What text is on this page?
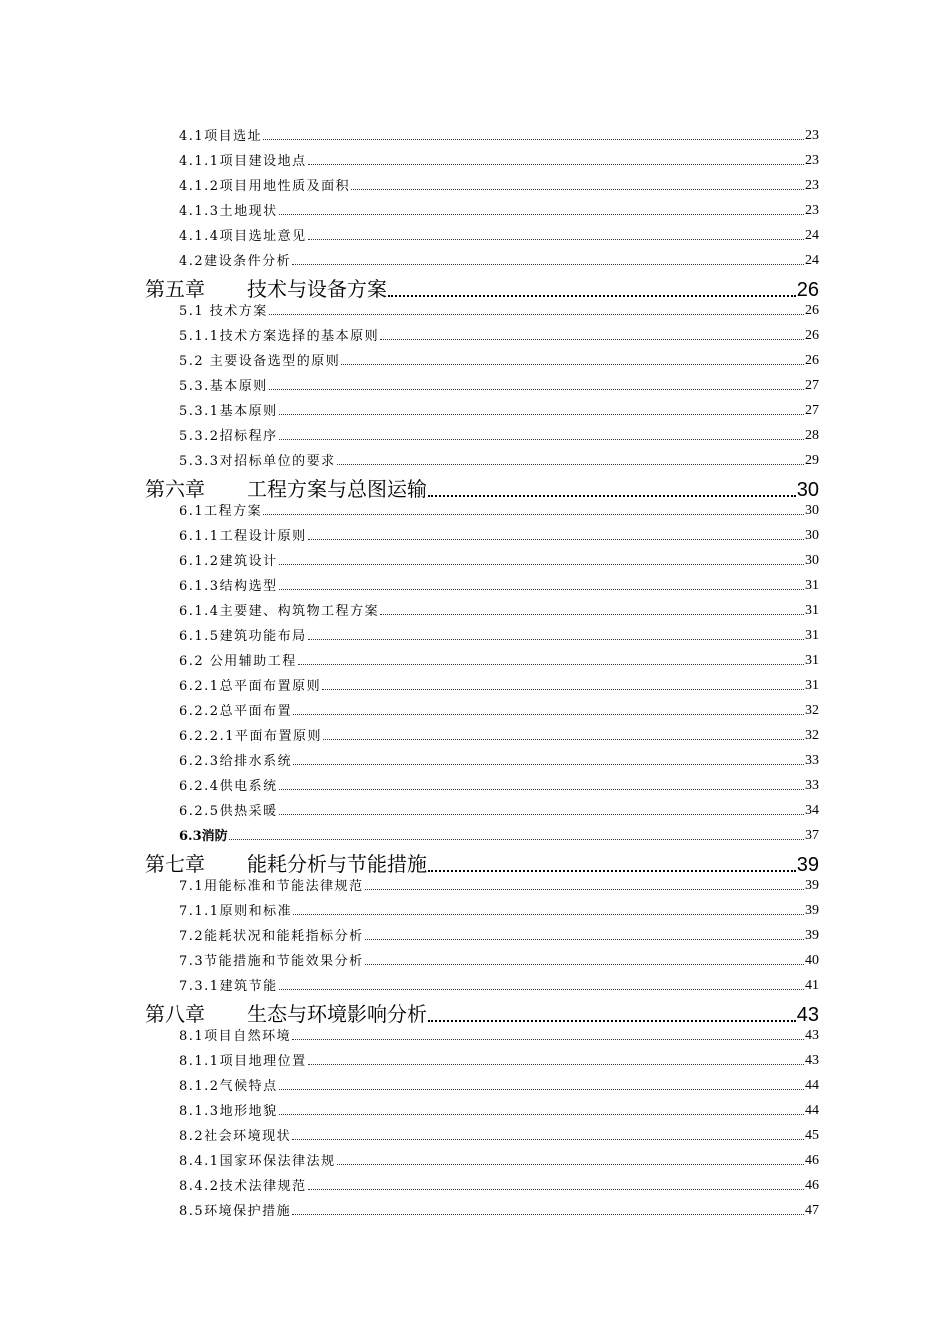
4.1项目选址	23
4.1.1项目建设地点	23
4.1.2项目用地性质及面积	23
4.1.3土地现状	23
4.1.4项目选址意见	24
4.2建设条件分析	24
第五章 技术与设备方案	26
5.1 技术方案	26
5.1.1技术方案选择的基本原则	26
5.2 主要设备选型的原则	26
5.3.基本原则	27
5.3.1基本原则	27
5.3.2招标程序	28
5.3.3对招标单位的要求	29
第六章 工程方案与总图运输	30
6.1工程方案	30
6.1.1工程设计原则	30
6.1.2建筑设计	30
6.1.3结构选型	31
6.1.4主要建、构筑物工程方案	31
6.1.5建筑功能布局	31
6.2 公用辅助工程	31
6.2.1总平面布置原则	31
6.2.2总平面布置	32
6.2.2.1平面布置原则	32
6.2.3给排水系统	33
6.2.4供电系统	33
6.2.5供热采暖	34
6.3消防	37
第七章 能耗分析与节能措施	39
7.1用能标准和节能法律规范	39
7.1.1原则和标准	39
7.2能耗状况和能耗指标分析	39
7.3节能措施和节能效果分析	40
7.3.1建筑节能	41
第八章 生态与环境影响分析	43
8.1项目自然环境	43
8.1.1项目地理位置	43
8.1.2气候特点	44
8.1.3地形地貌	44
8.2社会环境现状	45
8.4.1国家环保法律法规	46
8.4.2技术法律规范	46
8.5环境保护措施	47
